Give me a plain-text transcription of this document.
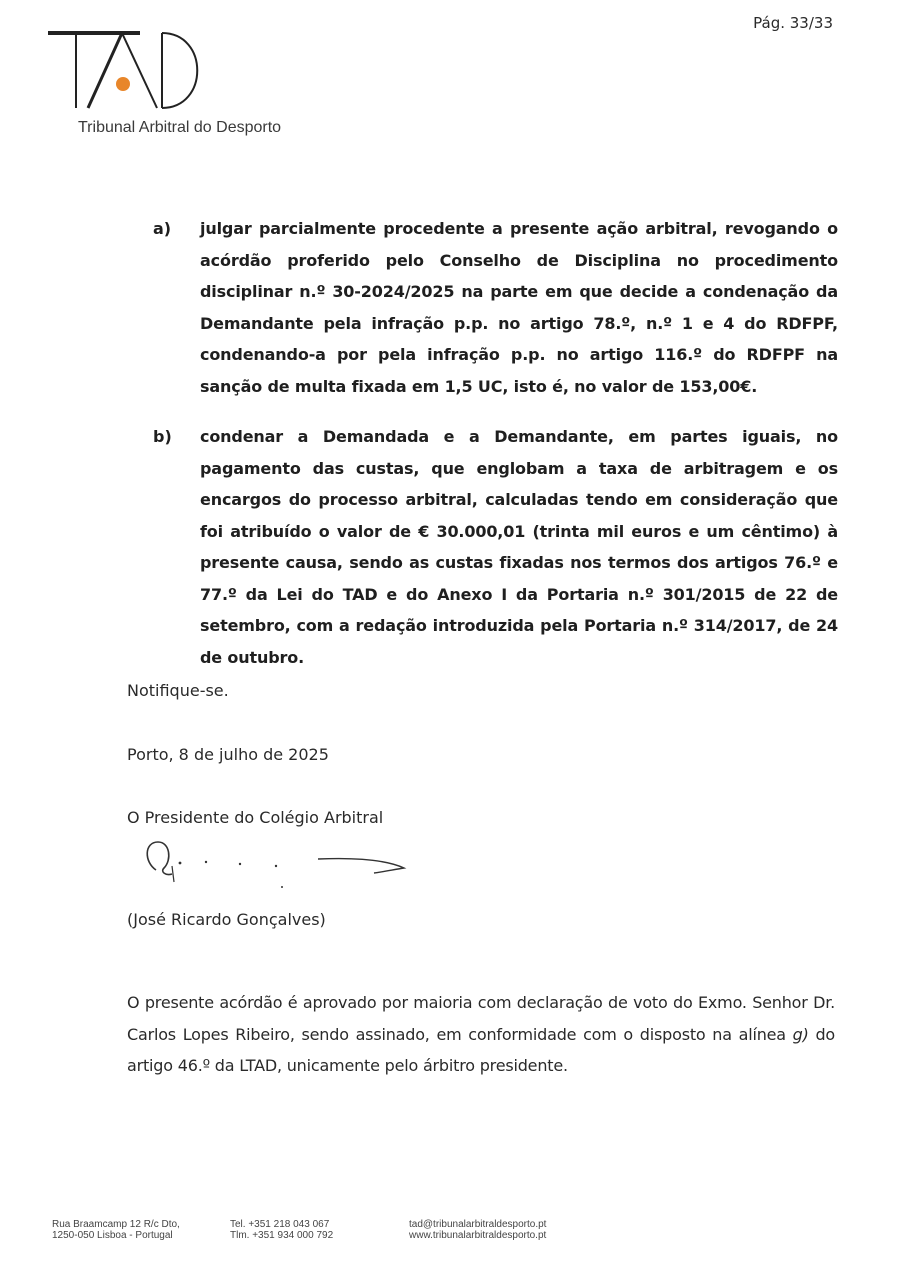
Pág. 33/33
Tribunal Arbitral do Desporto
a) julgar parcialmente procedente a presente ação arbitral, revogando o acórdão proferido pelo Conselho de Disciplina no procedimento disciplinar n.º 30-2024/2025 na parte em que decide a condenação da Demandante pela infração p.p. no artigo 78.º, n.º 1 e 4 do RDFPF, condenando-a por pela infração p.p. no artigo 116.º do RDFPF na sanção de multa fixada em 1,5 UC, isto é, no valor de 153,00€.
b) condenar a Demandada e a Demandante, em partes iguais, no pagamento das custas, que englobam a taxa de arbitragem e os encargos do processo arbitral, calculadas tendo em consideração que foi atribuído o valor de € 30.000,01 (trinta mil euros e um cêntimo) à presente causa, sendo as custas fixadas nos termos dos artigos 76.º e 77.º da Lei do TAD e do Anexo I da Portaria n.º 301/2015 de 22 de setembro, com a redação introduzida pela Portaria n.º 314/2017, de 24 de outubro.
Notifique-se.
Porto, 8 de julho de 2025
O Presidente do Colégio Arbitral
(José Ricardo Gonçalves)
O presente acórdão é aprovado por maioria com declaração de voto do Exmo. Senhor Dr. Carlos Lopes Ribeiro, sendo assinado, em conformidade com o disposto na alínea g) do artigo 46.º da LTAD, unicamente pelo árbitro presidente.
Rua Braamcamp 12 R/c Dto,
1250-050 Lisboa - Portugal
Tel. +351 218 043 067
Tlm. +351 934 000 792
tad@tribunalarbitraldesporto.pt
www.tribunalarbitraldesporto.pt
